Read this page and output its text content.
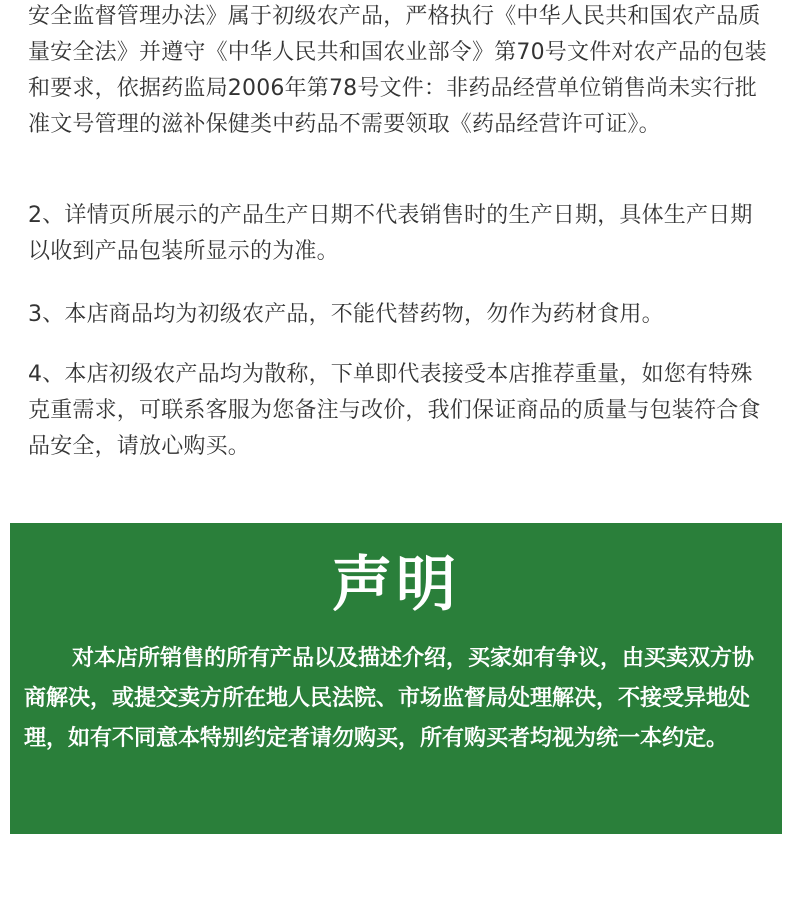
安全监督管理办法》属于初级农产品，严格执行《中华人民共和国农产品质量安全法》并遵守《中华人民共和国农业部令》第70号文件对农产品的包装和要求，依据药监局2006年第78号文件：非药品经营单位销售尚未实行批准文号管理的滋补保健类中药品不需要领取《药品经营许可证》。

2、详情页所展示的产品生产日期不代表销售时的生产日期，具体生产日期以收到产品包装所显示的为准。

3、本店商品均为初级农产品，不能代替药物，勿作为药材食用。

4、本店初级农产品均为散称，下单即代表接受本店推荐重量，如您有特殊克重需求，可联系客服为您备注与改价，我们保证商品的质量与包装符合食品安全，请放心购买。

声明

对本店所销售的所有产品以及描述介绍，买家如有争议，由买卖双方协商解决，或提交卖方所在地人民法院、市场监督局处理解决，不接受异地处理，如有不同意本特别约定者请勿购买，所有购买者均视为统一本约定。
